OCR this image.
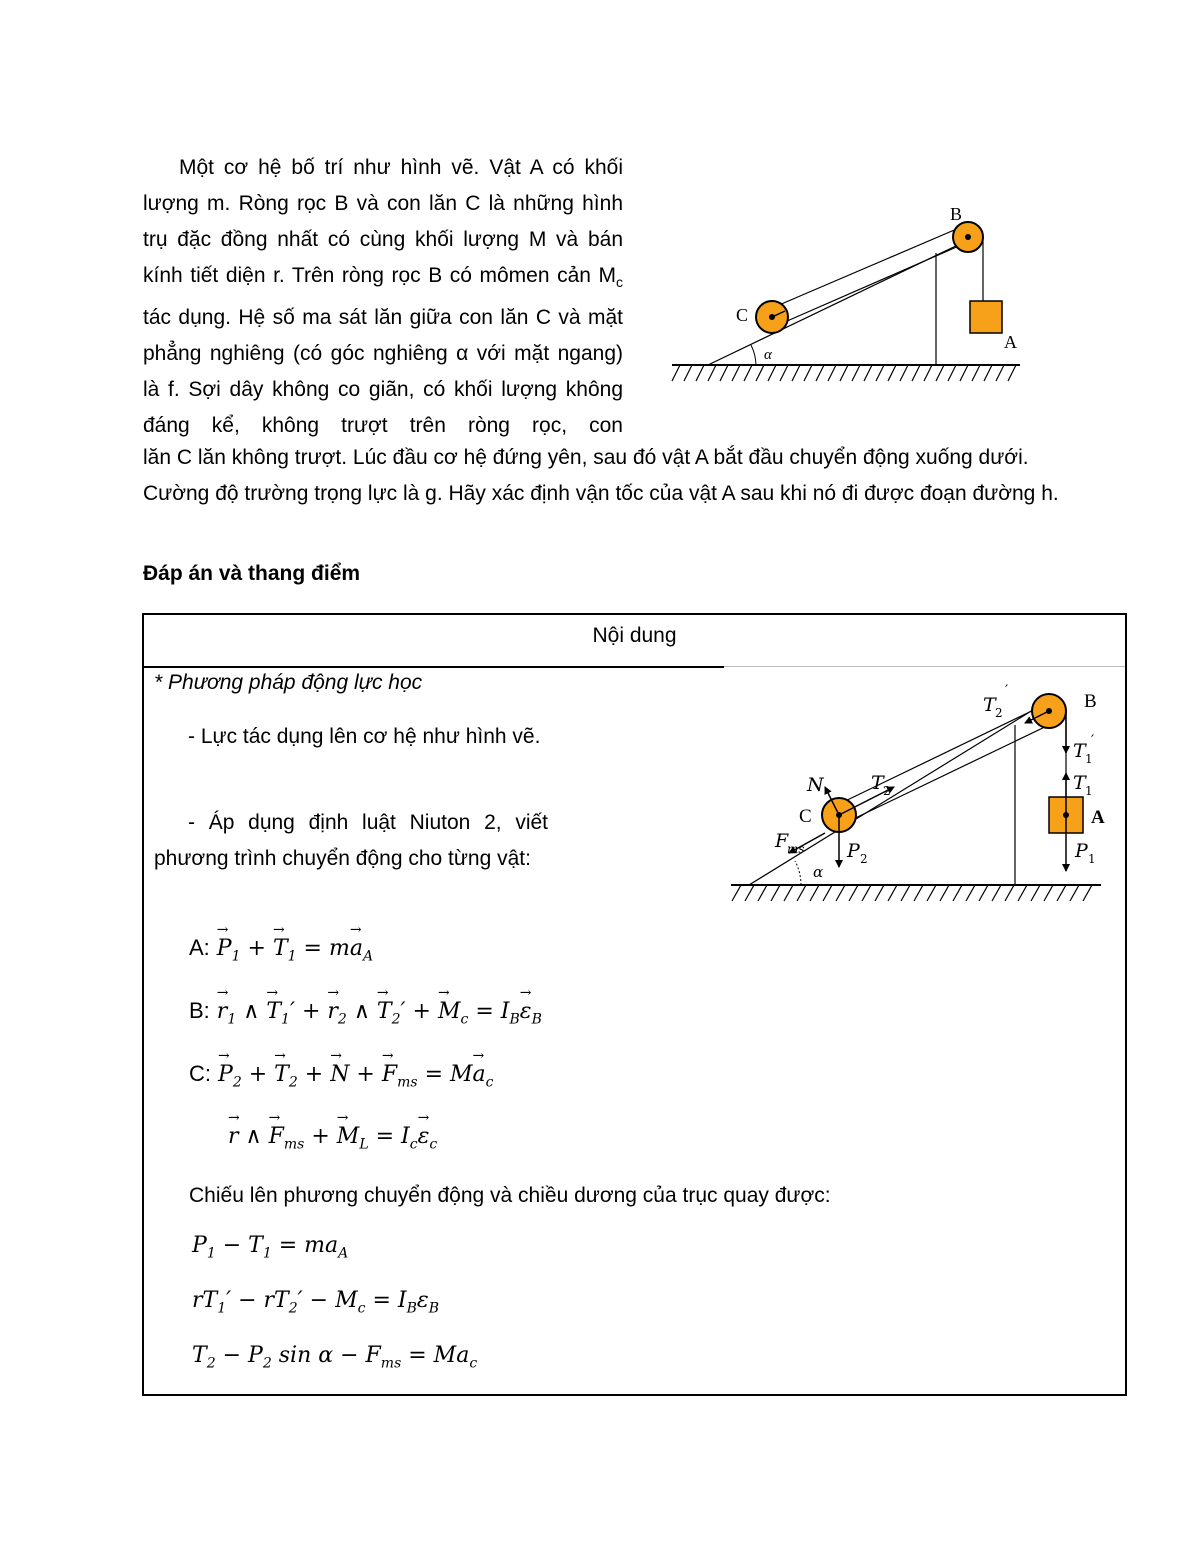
Một cơ hệ bố trí như hình vẽ. Vật A có khối lượng m. Ròng rọc B và con lăn C là những hình trụ đặc đồng nhất có cùng khối lượng M và bán kính tiết diện r. Trên ròng rọc B có mômen cản $M_c$ tác dụng. Hệ số ma sát lăn giữa con lăn C và mặt phẳng nghiêng (có góc nghiêng α với mặt ngang) là f. Sợi dây không co giãn, có khối lượng không đáng kể, không trượt trên ròng rọc, con
lăn C lăn không trượt. Lúc đầu cơ hệ đứng yên, sau đó vật A bắt đầu chuyển động xuống dưới. Cường độ trường trọng lực là g. Hãy xác định vận tốc của vật A sau khi nó đi được đoạn đường h.
B
C
A
α
Đáp án và thang điểm
Nội dung
* Phương pháp động lực học
- Lực tác dụng lên cơ hệ như hình vẽ.
- Áp dụng định luật Niuton 2, viết phương trình chuyển động cho từng vật:
A: → $P_1$ + → $T_1 = m\to a_A$
B: → $r_1$ ∧ → $T_1'$ + → $r_2$ ∧ → $T_2'$ + → $M_c = I_B\to \varepsilon_B$
C: → $P_2$ + → $T_2$ + → N + → $F_{ms} = M\to a_c$
→ r ∧ → $F_{ms}$ + → $M_L = I_c\to \varepsilon_c$
Chiếu lên phương chuyển động và chiều dương của trục quay được:
$P_1 - T_1 = ma_A$
$rT_1' - rT_2' - M_c = I_B\varepsilon_B$
$T_2 - P_2$ $\sin \alpha - F_{ms} = Ma_c$
T 2
′	B
T 1
′
T 1
A
P 1
N T 2
C
P 2
F
ms
α
